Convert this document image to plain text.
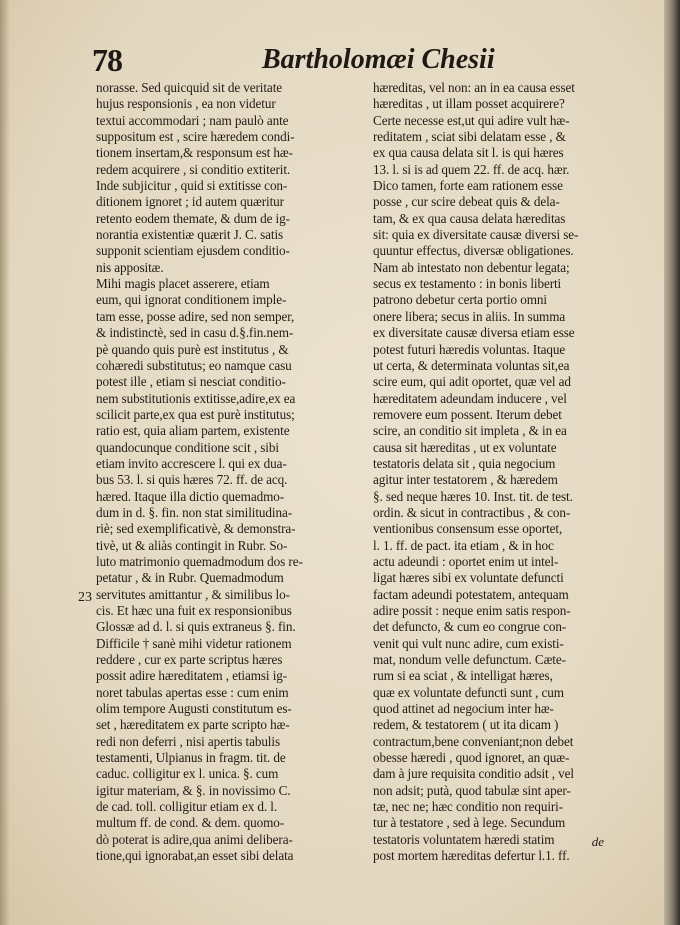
78	Bartholomæi Chesii
23
norasse. Sed quicquid sit de veritate
hujus responsionis , ea non videtur
textui accommodari ; nam paulò ante
suppositum est , scire hæredem condi-
tionem insertam,& responsum est hæ-
redem acquirere , si conditio extiterit.
Inde subjicitur , quid si extitisse con-
ditionem ignoret ; id autem quæritur
retento eodem themate, & dum de ig-
norantia existentiæ quærit J. C. satis
supponit scientiam ejusdem conditio-
nis appositæ.
Mihi magis placet asserere, etiam
eum, qui ignorat conditionem imple-
tam esse, posse adire, sed non semper,
& indistinctè, sed in casu d.§.fin.nem-
pè quando quis purè est institutus , &
cohæredi substitutus; eo namque casu
potest ille , etiam si nesciat conditio-
nem substitutionis extitisse,adire,ex ea
scilicit parte,ex qua est purè institutus;
ratio est, quia aliam partem, existente
quandocunque conditione scit , sibi
etiam invito accrescere l. qui ex dua-
bus 53. l. si quis hæres 72. ff. de acq.
hæred. Itaque illa dictio quemadmo-
dum in d. §. fin. non stat similitudina-
riè; sed exemplificativè, & demonstra-
tivè, ut & aliàs contingit in Rubr. So-
luto matrimonio quemadmodum dos re-
petatur , & in Rubr. Quemadmodum
servitutes amittantur , & similibus lo-
cis. Et hæc una fuit ex responsionibus
Glossæ ad d. l. si quis extraneus §. fin.
Difficile † sanè mihi videtur rationem
reddere , cur ex parte scriptus hæres
possit adire hæreditatem , etiamsi ig-
noret tabulas apertas esse : cum enim
olim tempore Augusti constitutum es-
set , hæreditatem ex parte scripto hæ-
redi non deferri , nisi apertis tabulis
testamenti, Ulpianus in fragm. tit. de
caduc. colligitur ex l. unica. §. cum
igitur materiam, & §. in novissimo C.
de cad. toll. colligitur etiam ex d. l.
multum ff. de cond. & dem. quomo-
dò poterat is adire,qua animi delibera-
tione,qui ignorabat,an esset sibi delata
hæreditas, vel non: an in ea causa esset
hæreditas , ut illam posset acquirere?
Certe necesse est,ut qui adire vult hæ-
reditatem , sciat sibi delatam esse , &
ex qua causa delata sit l. is qui hæres
13. l. si is ad quem 22. ff. de acq. hær.
Dico tamen, forte eam rationem esse
posse , cur scire debeat quis & dela-
tam, & ex qua causa delata hæreditas
sit: quia ex diversitate causæ diversi se-
quuntur effectus, diversæ obligationes.
Nam ab intestato non debentur legata;
secus ex testamento : in bonis liberti
patrono debetur certa portio omni
onere libera; secus in aliis. In summa
ex diversitate causæ diversa etiam esse
potest futuri hæredis voluntas. Itaque
ut certa, & determinata voluntas sit,ea
scire eum, qui adit oportet, quæ vel ad
hæreditatem adeundam inducere , vel
removere eum possent. Iterum debet
scire, an conditio sit impleta , & in ea
causa sit hæreditas , ut ex voluntate
testatoris delata sit , quia negocium
agitur inter testatorem , & hæredem
§. sed neque hæres 10. Inst. tit. de test.
ordin. & sicut in contractibus , & con-
ventionibus consensum esse oportet,
l. 1. ff. de pact. ita etiam , & in hoc
actu adeundi : oportet enim ut intel-
ligat hæres sibi ex voluntate defuncti
factam adeundi potestatem, antequam
adire possit : neque enim satis respon-
det defuncto, & cum eo congrue con-
venit qui vult nunc adire, cum existi-
mat, nondum velle defunctum. Cæte-
rum si ea sciat , & intelligat hæres,
quæ ex voluntate defuncti sunt , cum
quod attinet ad negocium inter hæ-
redem, & testatorem ( ut ita dicam )
contractum,bene conveniant;non debet
obesse hæredi , quod ignoret, an quæ-
dam à jure requisita conditio adsit , vel
non adsit; putà, quod tabulæ sint aper-
tæ, nec ne; hæc conditio non requiri-
tur à testatore , sed à lege. Secundum
testatoris voluntatem hæredi statim
post mortem hæreditas defertur l.1. ff.
de
